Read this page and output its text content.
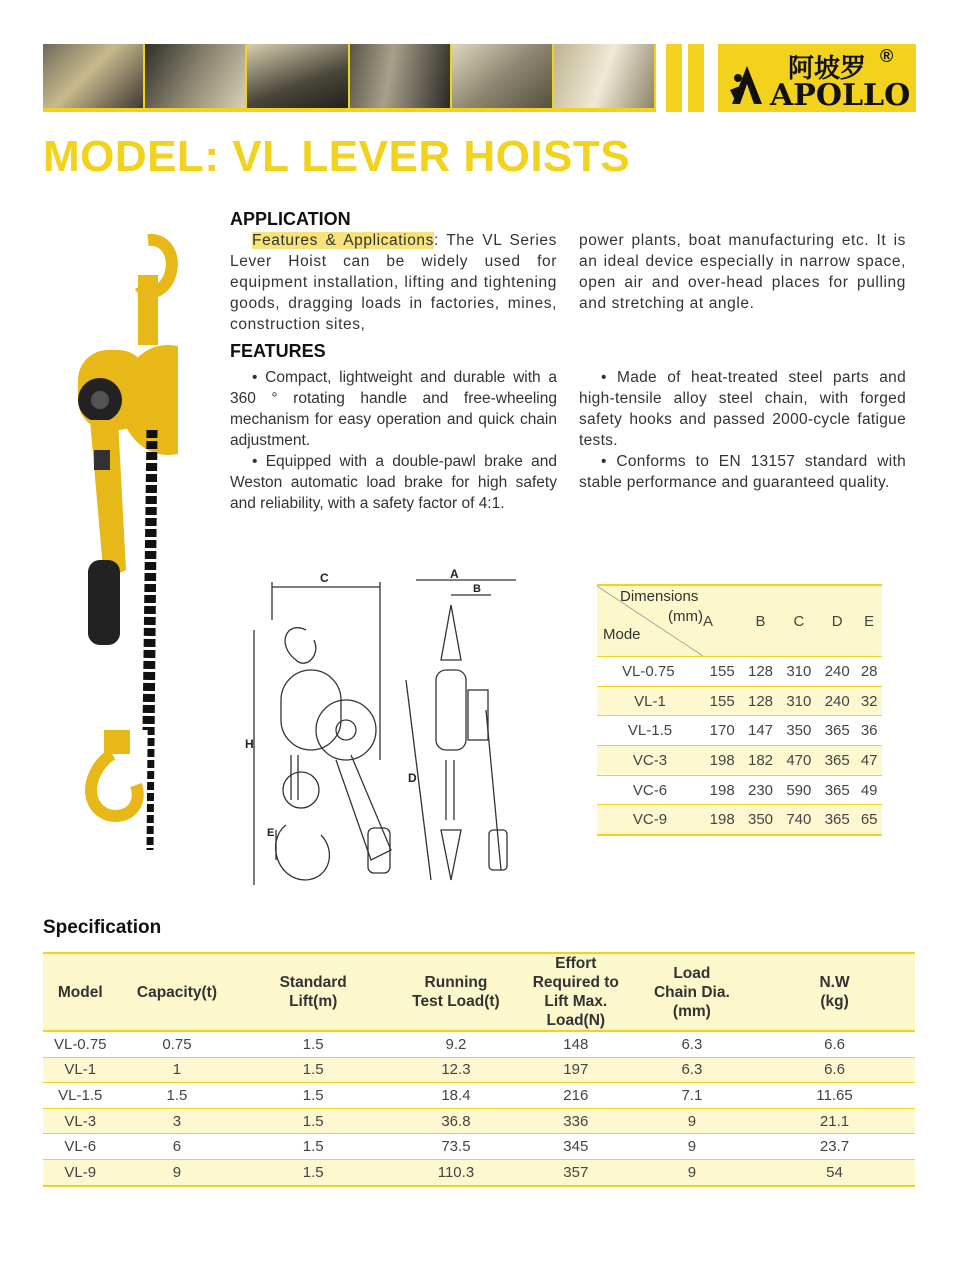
阿坡罗 ®
APOLLO
MODEL: VL LEVER HOISTS
APPLICATION
Features & Applications: The VL Series Lever Hoist can be widely used for equipment installation, lifting and tightening goods, dragging loads in factories, mines, construction sites,
power plants, boat manufacturing etc. It is an ideal device especially in narrow space, open air and over-head places for pulling and stretching at angle.
FEATURES
• Compact, lightweight and durable with a 360 ° rotating handle and free-wheeling mechanism for easy operation and quick chain adjustment.
• Equipped with a double-pawl brake and Weston automatic load brake for high safety and reliability, with a safety factor of 4:1.
• Made of heat-treated steel parts and high-tensile alloy steel chain, with forged safety hooks and passed 2000-cycle fatigue tests.
• Conforms to EN 13157 standard with stable performance and guaranteed quality.
C	A
B
H
D
E
Dimensions
(mm)
Mode	A	B	C	D	E
VL-0.75	155	128	310	240	28
VL-1	155	128	310	240	32
VL-1.5	170	147	350	365	36
VC-3	198	182	470	365	47
VC-6	198	230	590	365	49
VC-9	198	350	740	365	65
Specification
Model	Capacity(t)	Standard Lift(m)	Running Test Load(t)	Effort Required to Lift Max. Load(N)	Load Chain Dia.(mm)	N.W (kg)
VL-0.75	0.75	1.5	9.2	148	6.3	6.6
VL-1	1	1.5	12.3	197	6.3	6.6
VL-1.5	1.5	1.5	18.4	216	7.1	11.65
VL-3	3	1.5	36.8	336	9	21.1
VL-6	6	1.5	73.5	345	9	23.7
VL-9	9	1.5	110.3	357	9	54
